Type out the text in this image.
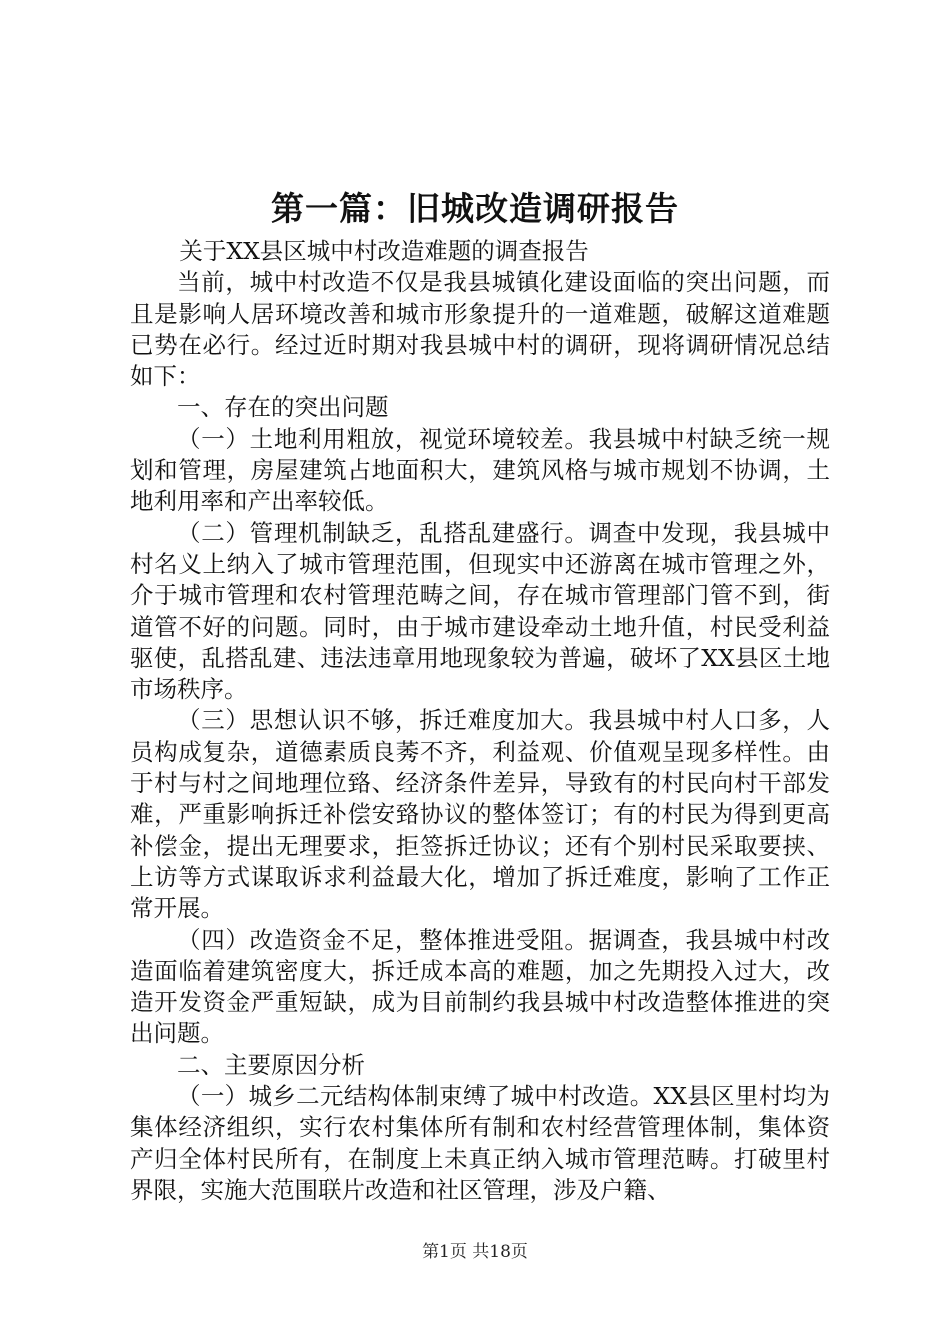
第一篇：旧城改造调研报告

关于XX县区城中村改造难题的调查报告

当前，城中村改造不仅是我县城镇化建设面临的突出问题，而且是影响人居环境改善和城市形象提升的一道难题，破解这道难题已势在必行。经过近时期对我县城中村的调研，现将调研情况总结如下：

一、存在的突出问题

（一）土地利用粗放，视觉环境较差。我县城中村缺乏统一规划和管理，房屋建筑占地面积大，建筑风格与城市规划不协调，土地利用率和产出率较低。

（二）管理机制缺乏，乱搭乱建盛行。调查中发现，我县城中村名义上纳入了城市管理范围，但现实中还游离在城市管理之外，介于城市管理和农村管理范畴之间，存在城市管理部门管不到，街道管不好的问题。同时，由于城市建设牵动土地升值，村民受利益驱使，乱搭乱建、违法违章用地现象较为普遍，破坏了XX县区土地市场秩序。

（三）思想认识不够，拆迁难度加大。我县城中村人口多，人员构成复杂，道德素质良莠不齐，利益观、价值观呈现多样性。由于村与村之间地理位臵、经济条件差异，导致有的村民向村干部发难，严重影响拆迁补偿安臵协议的整体签订；有的村民为得到更高补偿金，提出无理要求，拒签拆迁协议；还有个别村民采取要挟、上访等方式谋取诉求利益最大化，增加了拆迁难度，影响了工作正常开展。

（四）改造资金不足，整体推进受阻。据调查，我县城中村改造面临着建筑密度大，拆迁成本高的难题，加之先期投入过大，改造开发资金严重短缺，成为目前制约我县城中村改造整体推进的突出问题。

二、主要原因分析

（一）城乡二元结构体制束缚了城中村改造。XX县区里村均为集体经济组织，实行农村集体所有制和农村经营管理体制，集体资产归全体村民所有，在制度上未真正纳入城市管理范畴。打破里村界限，实施大范围联片改造和社区管理，涉及户籍、

第1页 共18页
